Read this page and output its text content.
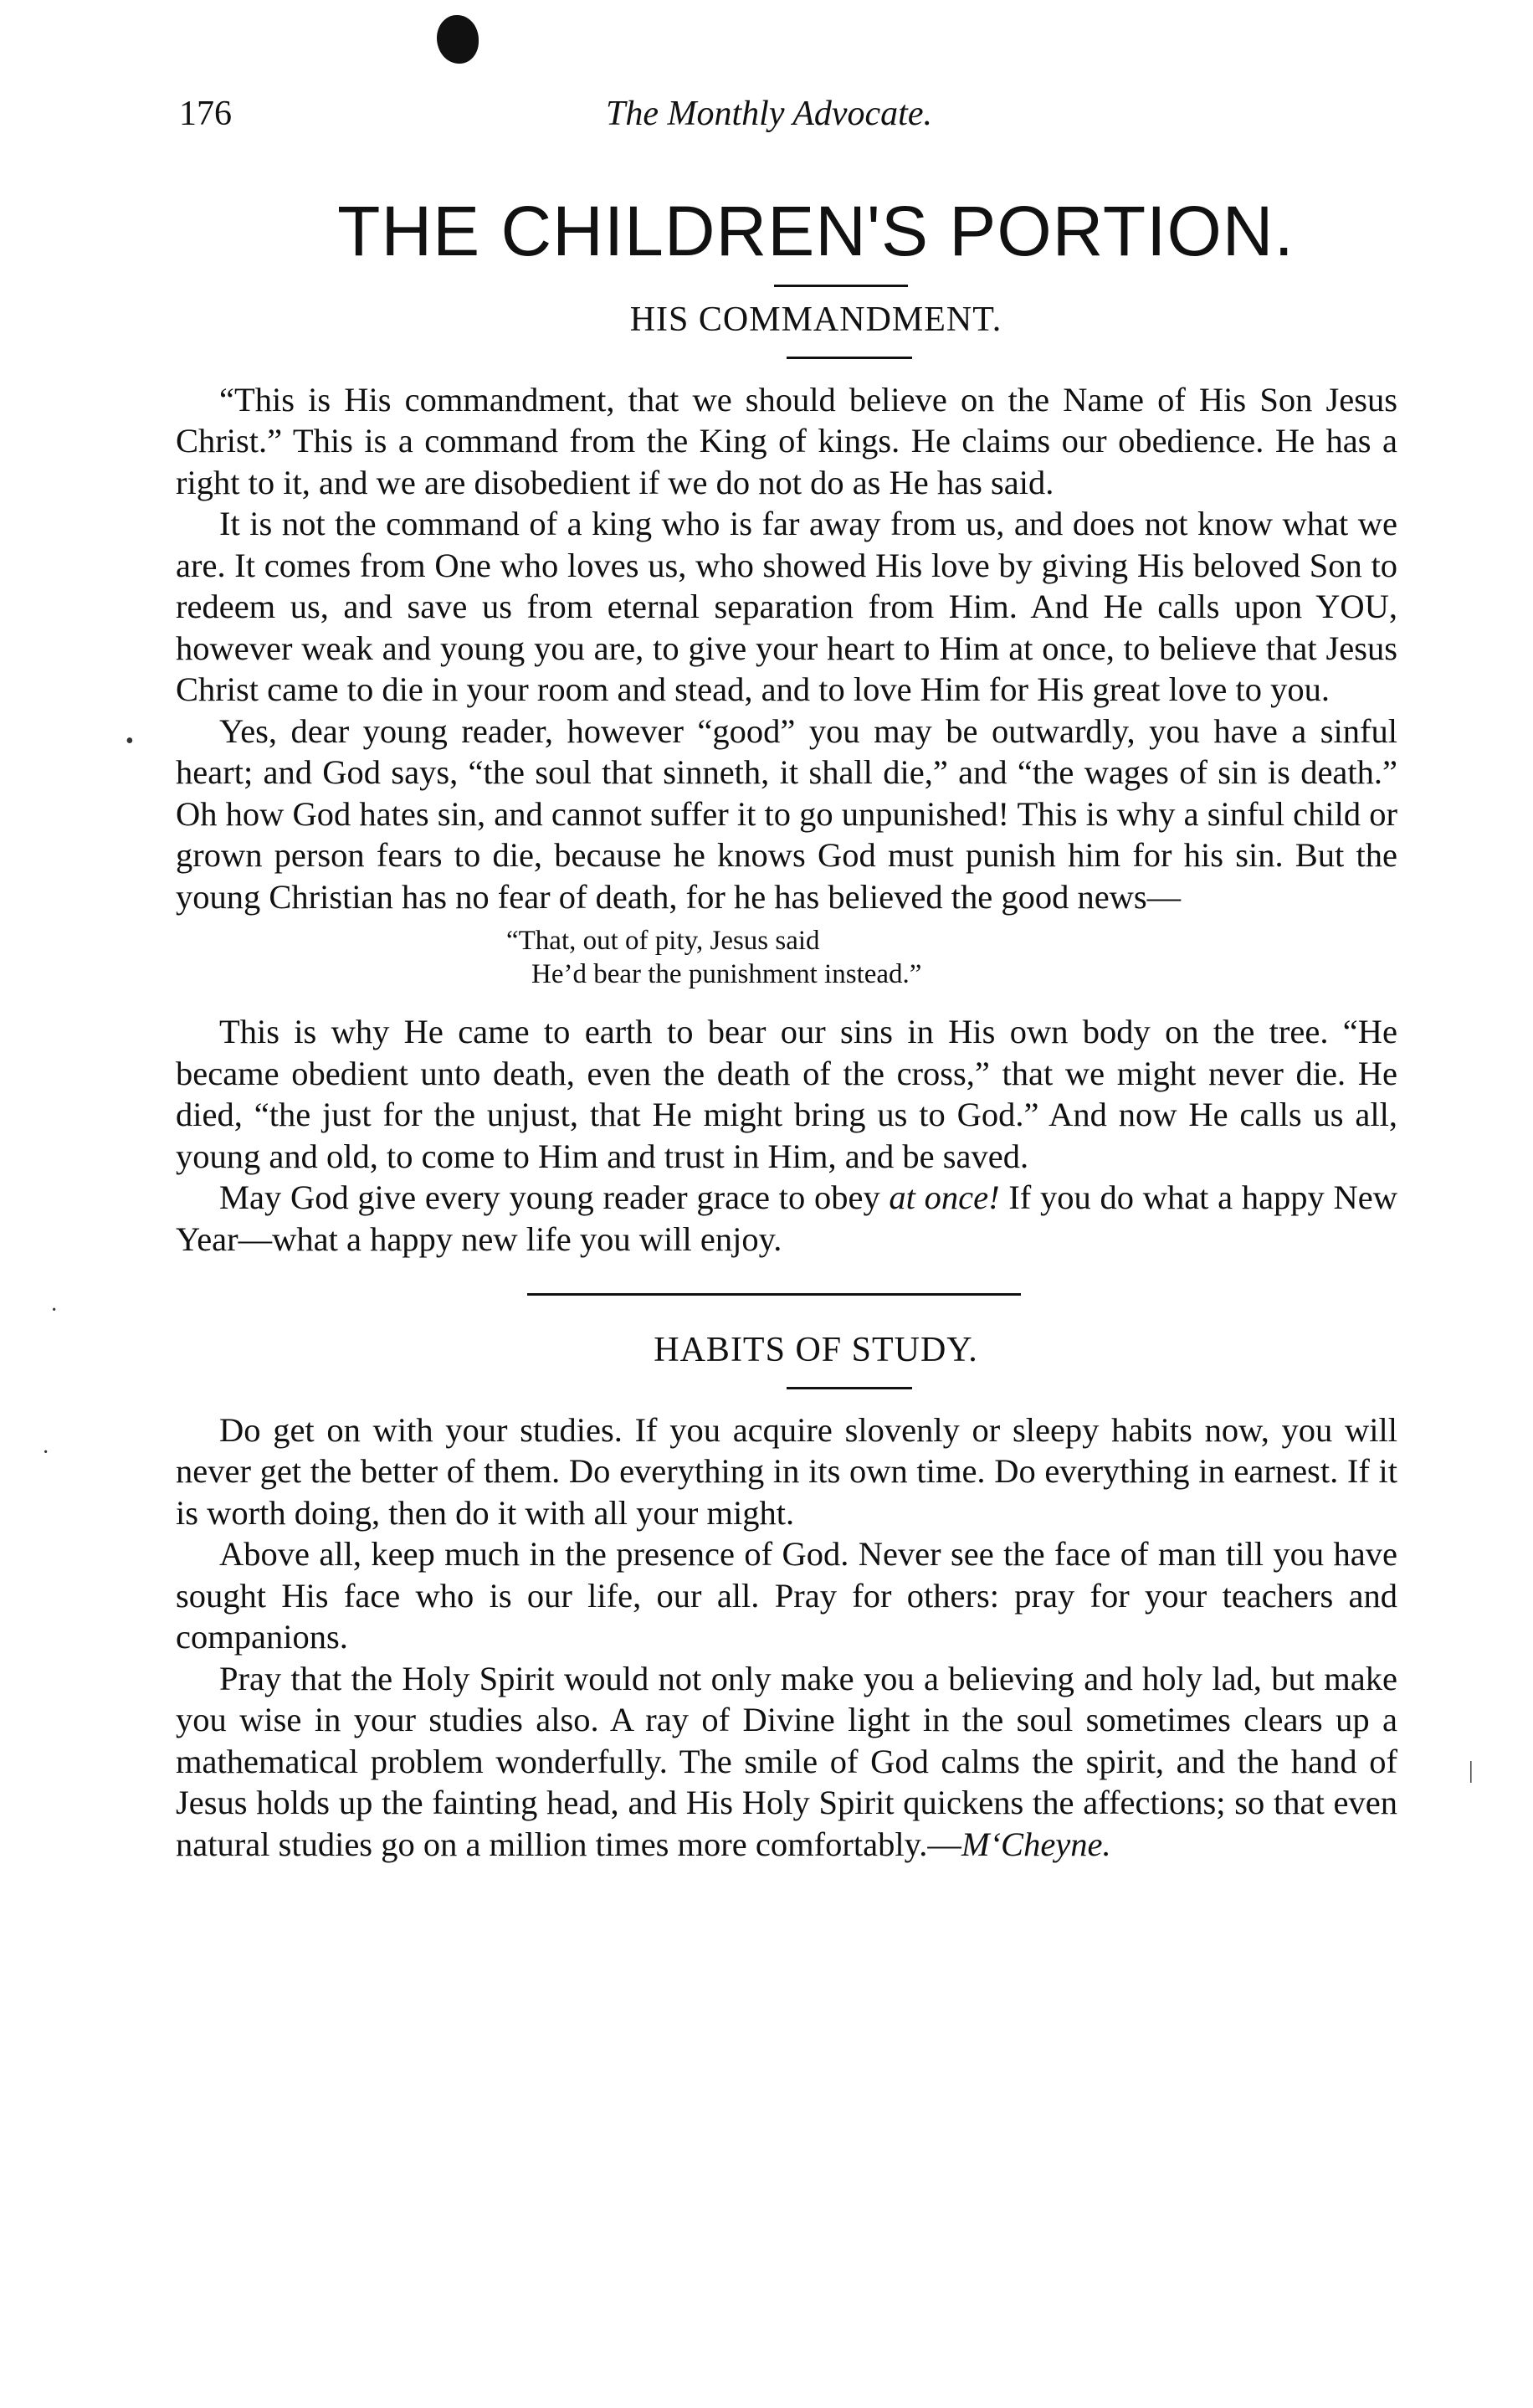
176	The Monthly Advocate.
•
·
·
|
THE CHILDREN'S PORTION.
HIS COMMANDMENT.

“This is His commandment, that we should believe on the Name of His Son Jesus Christ.” This is a command from the King of kings. He claims our obedience. He has a right to it, and we are disobedient if we do not do as He has said.

It is not the command of a king who is far away from us, and does not know what we are. It comes from One who loves us, who showed His love by giving His beloved Son to redeem us, and save us from eternal separation from Him. And He calls upon YOU, however weak and young you are, to give your heart to Him at once, to believe that Jesus Christ came to die in your room and stead, and to love Him for His great love to you.

Yes, dear young reader, however “good” you may be outwardly, you have a sinful heart; and God says, “the soul that sinneth, it shall die,” and “the wages of sin is death.” Oh how God hates sin, and cannot suffer it to go unpunished! This is why a sinful child or grown person fears to die, because he knows God must punish him for his sin. But the young Christian has no fear of death, for he has believed the good news—

“That, out of pity, Jesus said
He’d bear the punishment instead.”

This is why He came to earth to bear our sins in His own body on the tree. “He became obedient unto death, even the death of the cross,” that we might never die. He died, “the just for the unjust, that He might bring us to God.” And now He calls us all, young and old, to come to Him and trust in Him, and be saved.

May God give every young reader grace to obey at once! If you do what a happy New Year—what a happy new life you will enjoy.

HABITS OF STUDY.

Do get on with your studies. If you acquire slovenly or sleepy habits now, you will never get the better of them. Do everything in its own time. Do everything in earnest. If it is worth doing, then do it with all your might.

Above all, keep much in the presence of God. Never see the face of man till you have sought His face who is our life, our all. Pray for others: pray for your teachers and companions.

Pray that the Holy Spirit would not only make you a believing and holy lad, but make you wise in your studies also. A ray of Divine light in the soul sometimes clears up a mathematical problem wonderfully. The smile of God calms the spirit, and the hand of Jesus holds up the fainting head, and His Holy Spirit quickens the affections; so that even natural studies go on a million times more comfortably.—M‘Cheyne.
